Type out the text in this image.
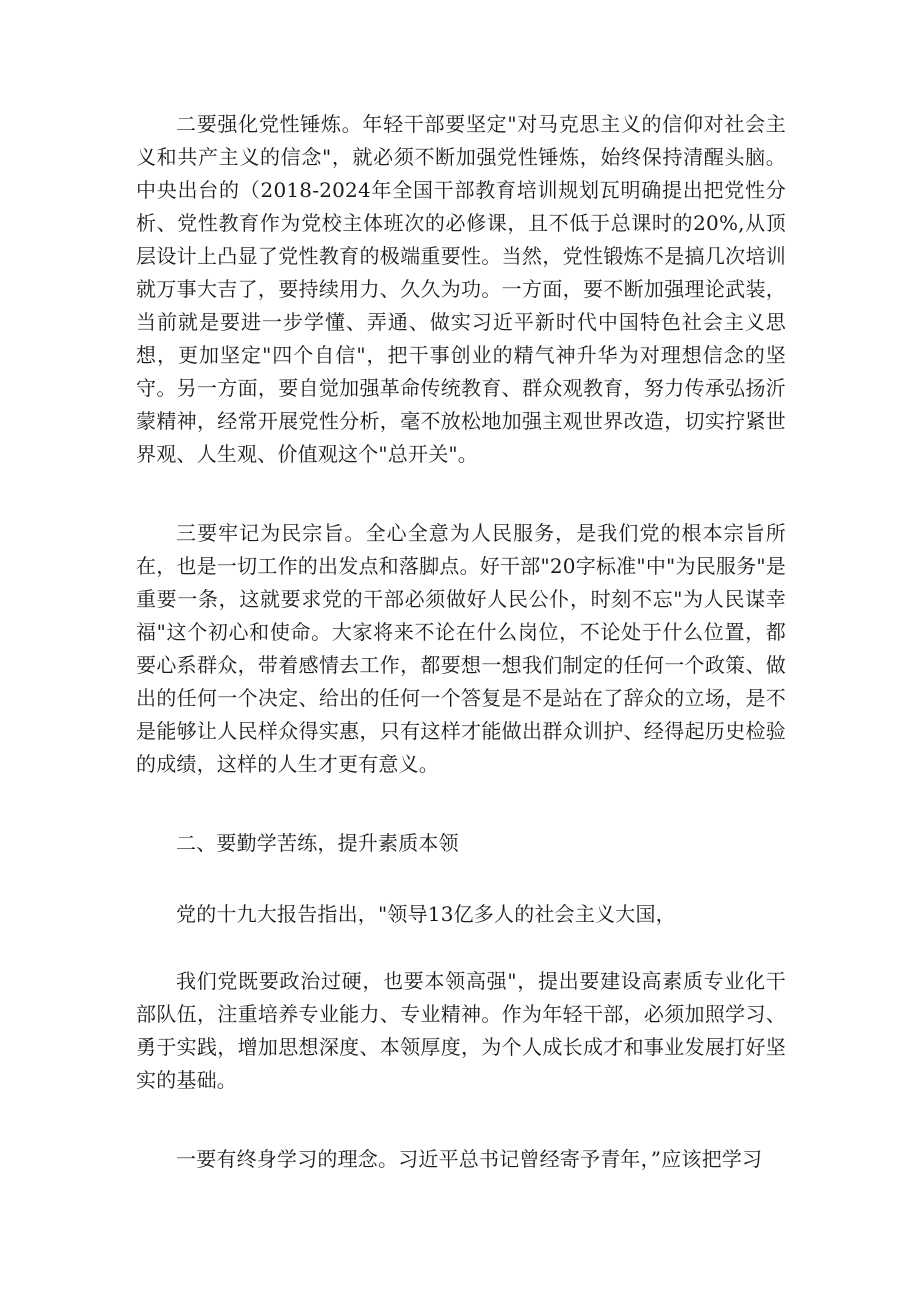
二要强化党性锤炼。年轻干部要坚定"对马克思主义的信仰对社会主义和共产主义的信念"，就必须不断加强党性锤炼，始终保持清醒头脑。中央出台的（2018-2024年全国干部教育培训规划瓦明确提出把党性分析、党性教育作为党校主体班次的必修课，且不低于总课时的20%,从顶层设计上凸显了党性教育的极端重要性。当然，党性锻炼不是搞几次培训就万事大吉了，要持续用力、久久为功。一方面，要不断加强理论武装，当前就是要进一步学懂、弄通、做实习近平新时代中国特色社会主义思想，更加坚定"四个自信"，把干事创业的精气神升华为对理想信念的坚守。另一方面，要自觉加强革命传统教育、群众观教育，努力传承弘扬沂蒙精神，经常开展党性分析，毫不放松地加强主观世界改造，切实拧紧世界观、人生观、价值观这个"总开关"。

三要牢记为民宗旨。全心全意为人民服务，是我们党的根本宗旨所在，也是一切工作的出发点和落脚点。好干部"20字标准"中"为民服务"是重要一条，这就要求党的干部必须做好人民公仆，时刻不忘"为人民谋幸福"这个初心和使命。大家将来不论在什么岗位，不论处于什么位置，都要心系群众，带着感情去工作，都要想一想我们制定的任何一个政策、做出的任何一个决定、给出的任何一个答复是不是站在了辞众的立场，是不是能够让人民样众得实惠，只有这样才能做出群众训护、经得起历史检验的成绩，这样的人生才更有意义。

二、要勤学苦练，提升素质本领

党的十九大报告指出，"领导13亿多人的社会主义大国，

我们党既要政治过硬，也要本领高强"，提出要建设高素质专业化干部队伍，注重培养专业能力、专业精神。作为年轻干部，必须加照学习、勇于实践，增加思想深度、本领厚度，为个人成长成才和事业发展打好坚实的基础。

一要有终身学习的理念。习近平总书记曾经寄予青年，”应该把学习
